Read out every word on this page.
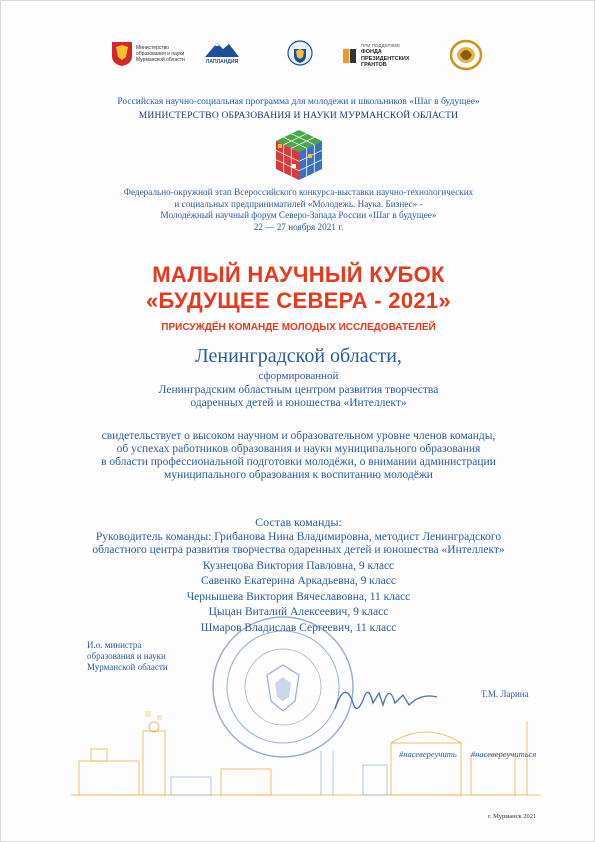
Министерство образования и науки Мурманской области	ЛАПЛАНДИЯ
ПРИ ПОДДЕРЖКЕ
ФОНДА ПРЕЗИДЕНТСКИХ ГРАНТОВ
Российская научно-социальная программа для молодежи и школьников «Шаг в будущее»
МИНИСТЕРСТВО ОБРАЗОВАНИЯ И НАУКИ МУРМАНСКОЙ ОБЛАСТИ
Федерально-окружной этап Всероссийского конкурса-выставки научно-технологических
и социальных предприниматилей «Молодежь. Наука. Бизнес» -
Молодёжный научный форум Северо-Запада России «Шаг в будущее»
22 — 27 ноября 2021 г.
МАЛЫЙ НАУЧНЫЙ КУБОК
«БУДУЩЕЕ СЕВЕРА - 2021»
ПРИСУЖДЁН КОМАНДЕ МОЛОДЫХ ИССЛЕДОВАТЕЛЕЙ
Ленинградской области,
сформированной
Ленинградским областным центром развития творчества
одаренных детей и юношества «Интеллект»
свидетельствует о высоком научном и образовательном уровне членов команды,
об успехах работников образования и науки муниципального образования
в области профессиональной подготовки молодёжи, о внимании администрации
муниципального образования к воспитанию молодёжи
Состав команды:
Руководитель команды: Грибанова Нина Владимировна, методист Ленинградского
областного центра развития творчества одаренных детей и юношества «Интеллект»
Кузнецова Виктория Павловна, 9 класс
Савенко Екатерина Аркадьевна, 9 класс
Чернышева Виктория Вячеславовна, 11 класс
Цыцан Виталий Алексеевич, 9 класс
Шмаров Владислав Сергеевич, 11 класс
И.о. министра
образования и науки
Мурманской области
Т.М. Ларина
#насевереучить #насевереучиться
г. Мурманск 2021
